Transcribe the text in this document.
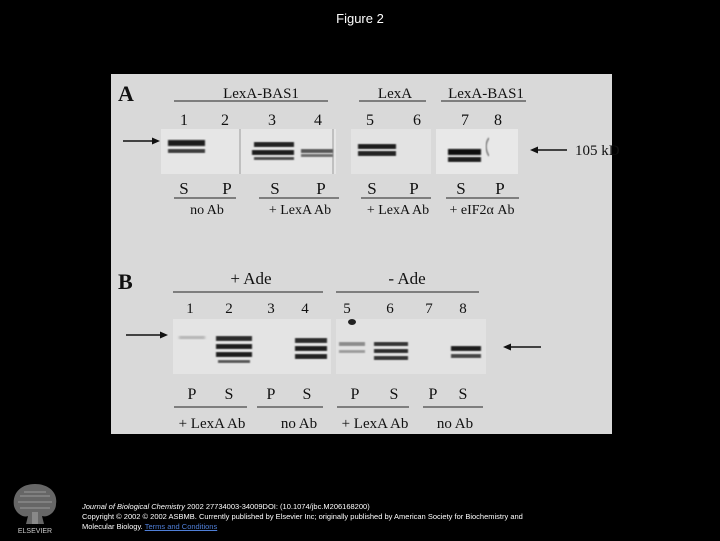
Figure 2
A	LexA-BAS1	LexA LexA-BAS1
1 2 3 4	5 6	7 8
105 kD
S P S P S P S P
no Ab	+ LexA Ab	+ LexA Ab + eIF2α Ab
B	+ Ade	- Ade
1 2 3 4 5 6 7 8
P S P S P S P S
+ LexA Ab no Ab + LexA Ab no Ab
ELSEVIER
Journal of Biological Chemistry 2002 27734003-34009DOI: (10.1074/jbc.M206168200)
Copyright © 2002 © 2002 ASBMB. Currently published by Elsevier Inc; originally published by American Society for Biochemistry and Molecular Biology. Terms and Conditions
